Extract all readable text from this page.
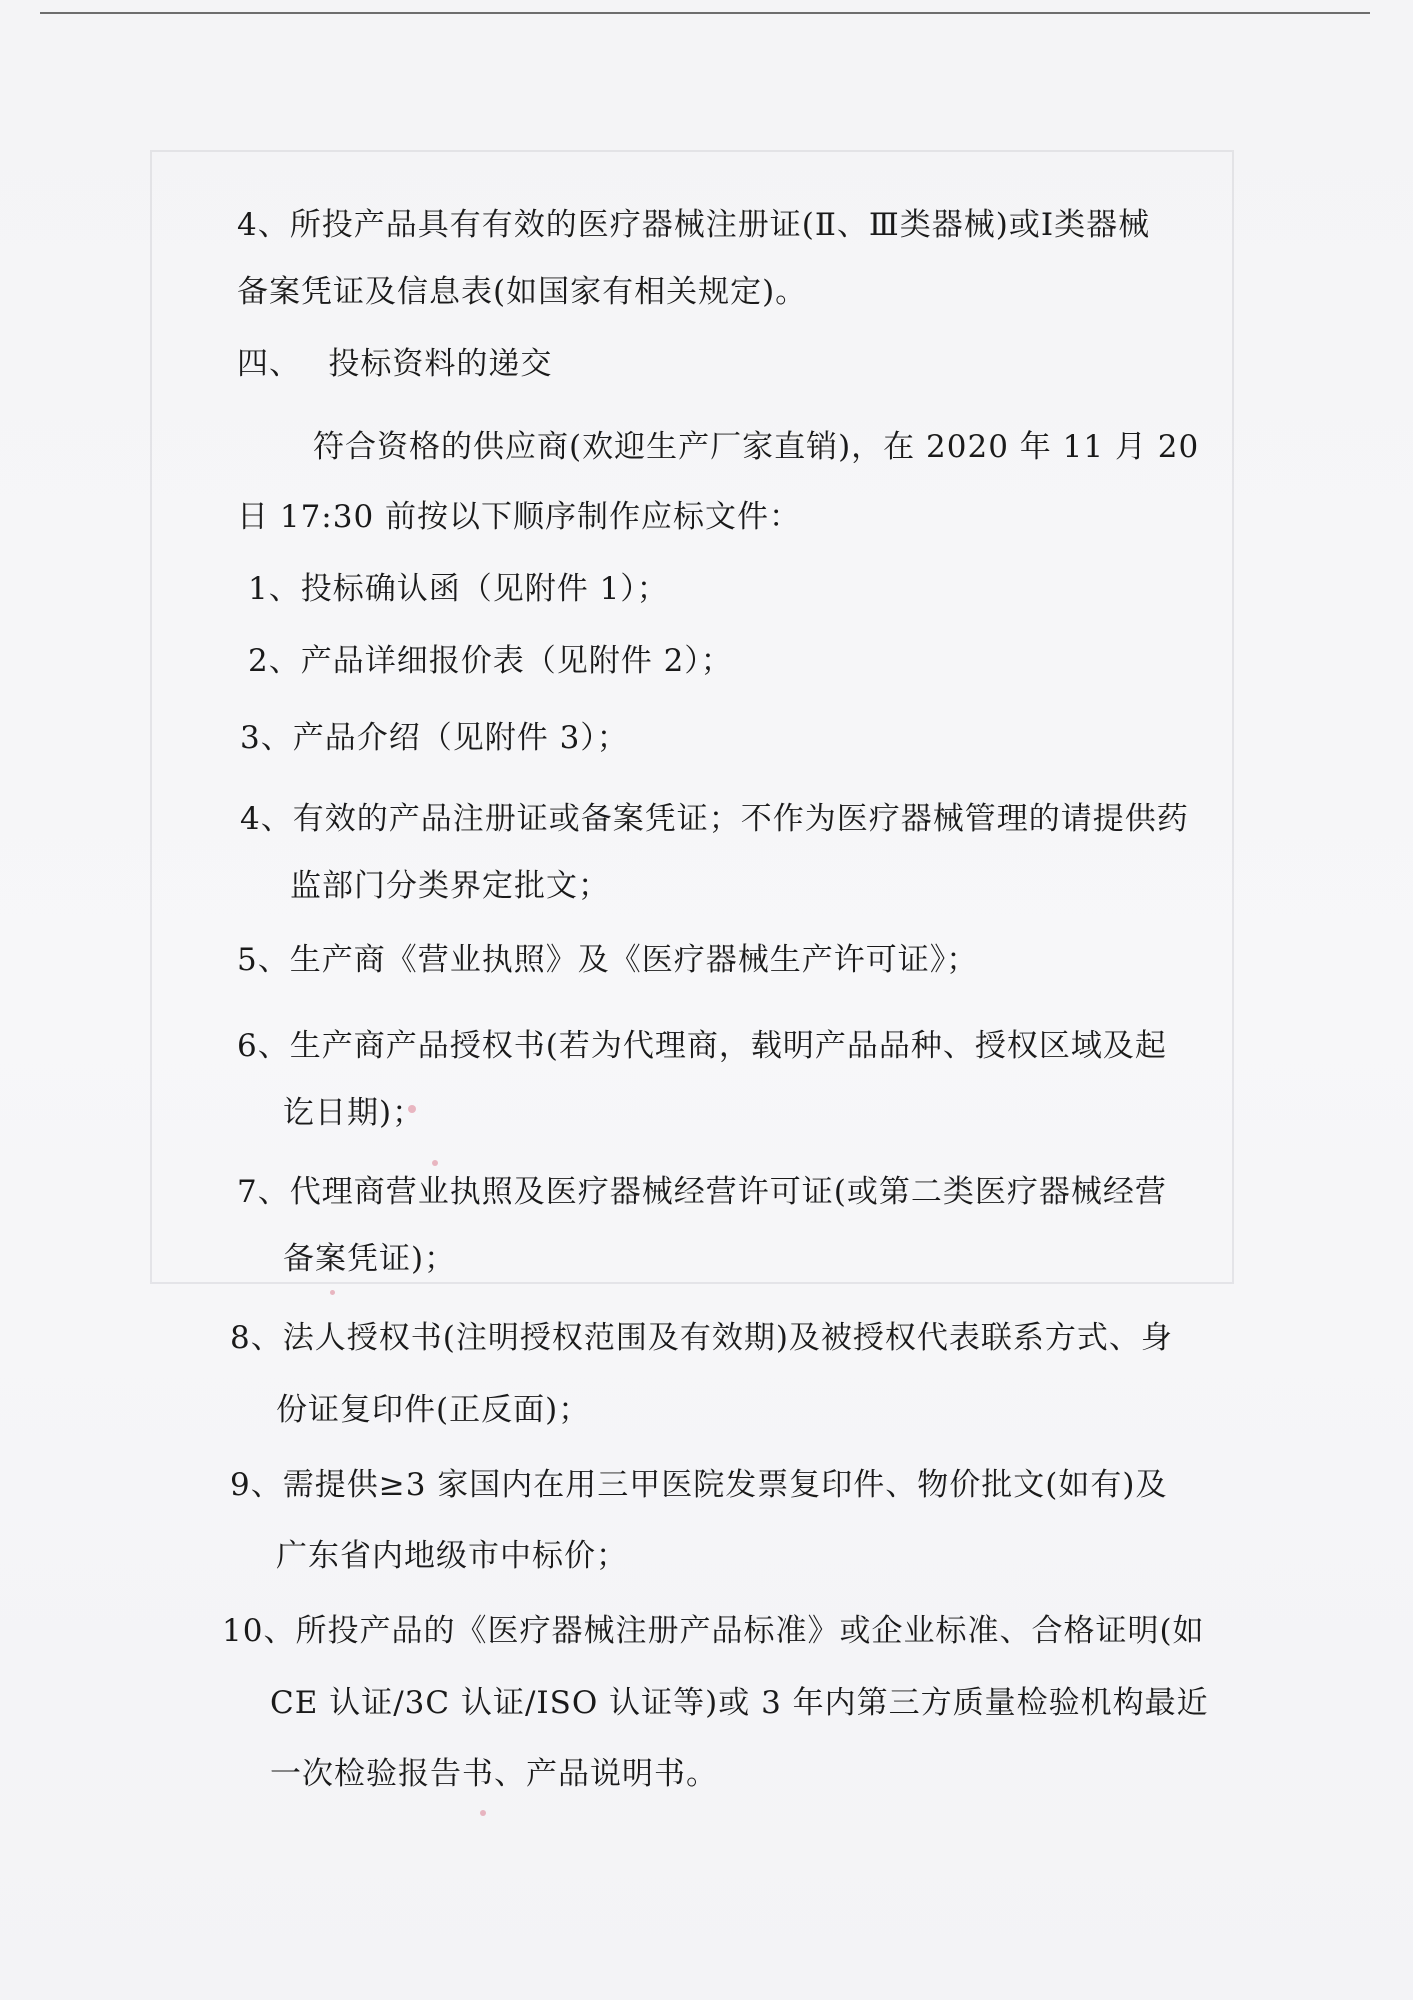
4、所投产品具有有效的医疗器械注册证(Ⅱ、Ⅲ类器械)或Ⅰ类器械

备案凭证及信息表(如国家有相关规定)。

四、　 投标资料的递交

符合资格的供应商(欢迎生产厂家直销)，在 2020 年 11 月 20

日 17:30 前按以下顺序制作应标文件：

1、投标确认函（见附件 1）；

2、产品详细报价表（见附件 2）；

3、产品介绍（见附件 3）；

4、有效的产品注册证或备案凭证；不作为医疗器械管理的请提供药

监部门分类界定批文；

5、生产商《营业执照》及《医疗器械生产许可证》；

6、生产商产品授权书(若为代理商，载明产品品种、授权区域及起

讫日期)；

7、代理商营业执照及医疗器械经营许可证(或第二类医疗器械经营

备案凭证)；

8、法人授权书(注明授权范围及有效期)及被授权代表联系方式、身

份证复印件(正反面)；

9、需提供≥3 家国内在用三甲医院发票复印件、物价批文(如有)及

广东省内地级市中标价；

10、所投产品的《医疗器械注册产品标准》或企业标准、合格证明(如

CE 认证/3C 认证/ISO 认证等)或 3 年内第三方质量检验机构最近

一次检验报告书、产品说明书。
